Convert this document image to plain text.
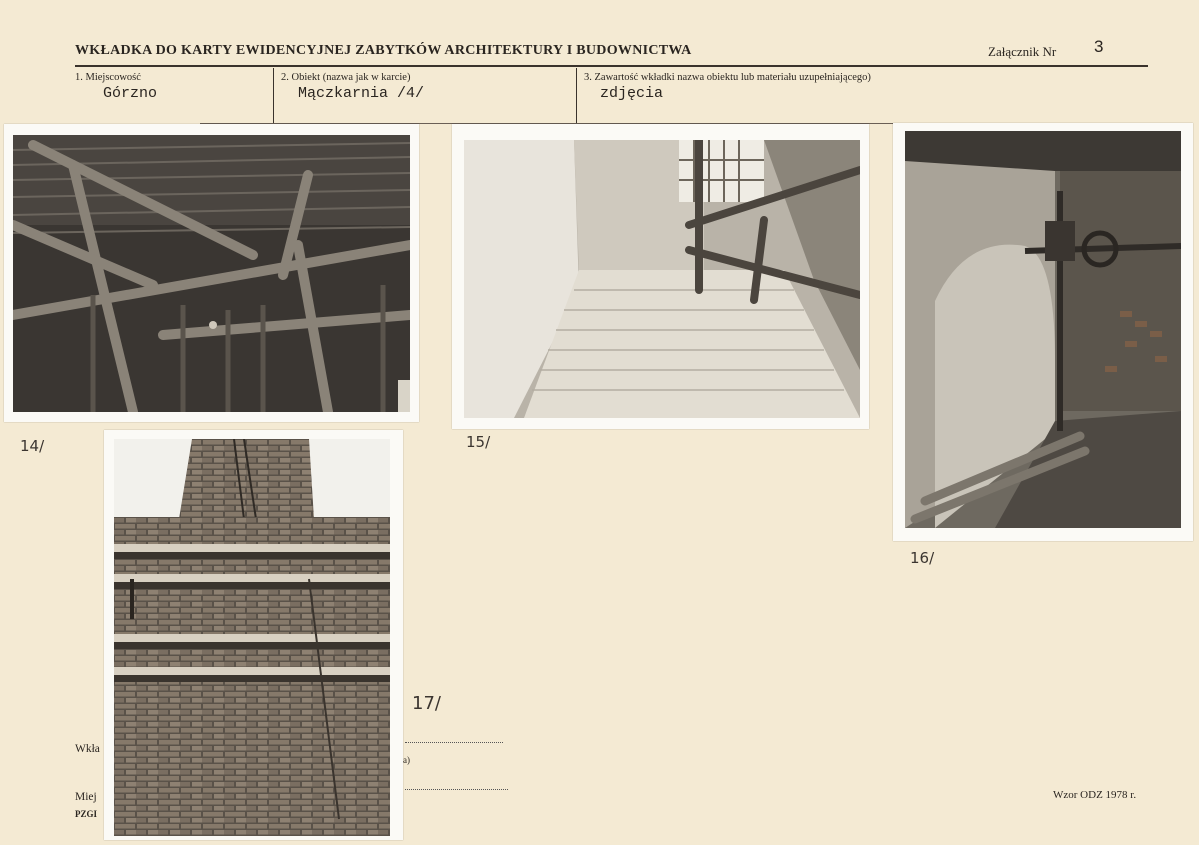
WKŁADKA DO KARTY EWIDENCYJNEJ ZABYTKÓW ARCHITEKTURY I BUDOWNICTWA	Załącznik Nr 3
1. Miejscowość
Górzno
2. Obiekt (nazwa jak w karcie)
Mączkarnia /4/
3. Zawartość wkładki nazwa obiektu lub materiału uzupełniającego)
zdjęcia
Wkła
a)
Miej
PZGI
Wzor ODZ 1978 r.
14/	15/
16/
17/
